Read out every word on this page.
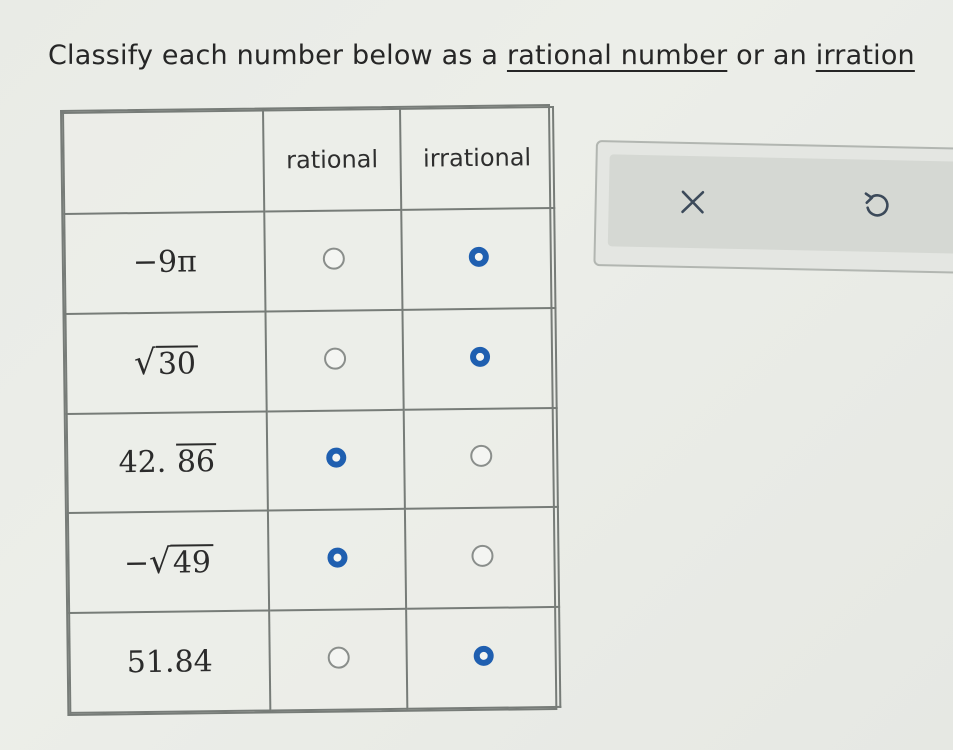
Classify each number below as a rational number or an irration
	rational	irrational
−9π		
√30		
42. 86		
−√49		
51.84		
